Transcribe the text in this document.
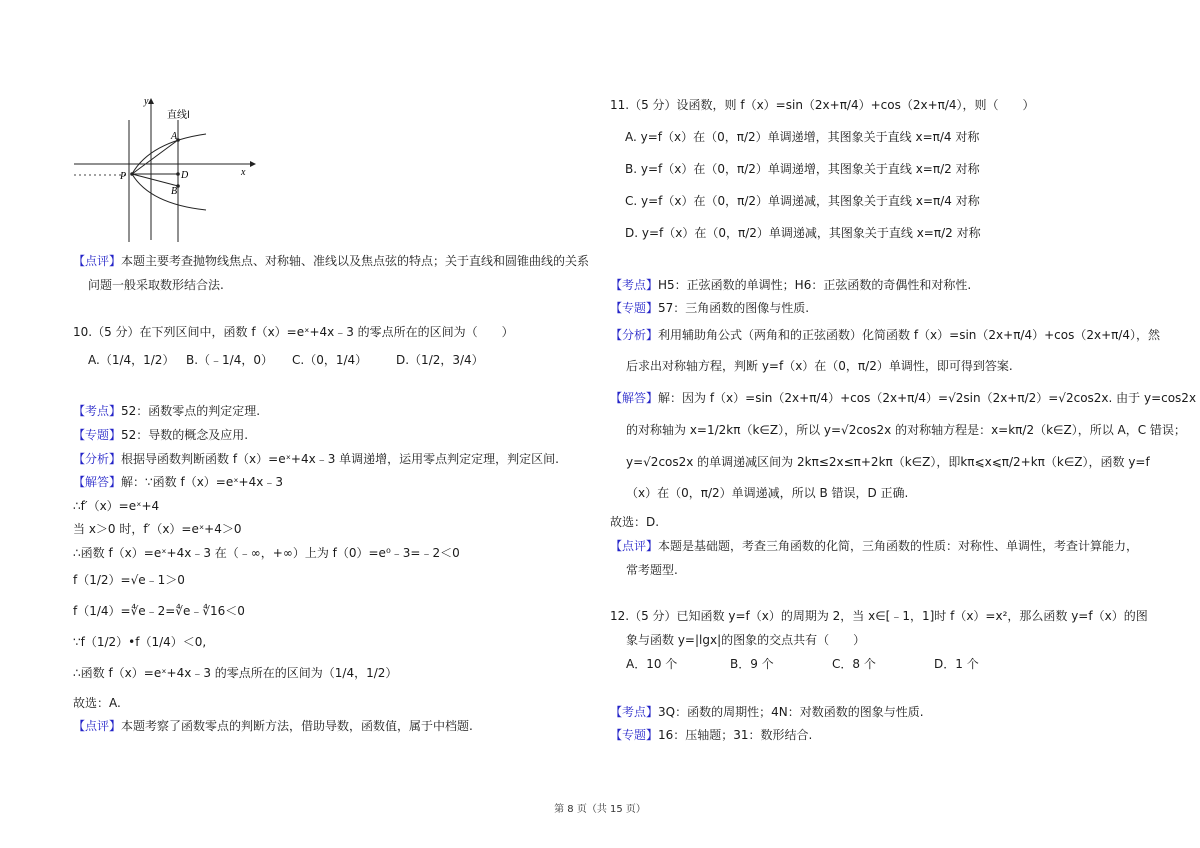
y
直线l
x
A
P	D
B
【点评】本题主要考查抛物线焦点、对称轴、准线以及焦点弦的特点；关于直线和圆锥曲线的关系
问题一般采取数形结合法.
10.（5 分）在下列区间中，函数 f（x）=eˣ+4x﹣3 的零点所在的区间为（　　）
A.（1/4，1/2） B.（﹣1/4，0） C.（0，1/4） D.（1/2，3/4）
【考点】52：函数零点的判定定理.
【专题】52：导数的概念及应用.
【分析】根据导函数判断函数 f（x）=eˣ+4x﹣3 单调递增，运用零点判定定理，判定区间.
【解答】解：∵函数 f（x）=eˣ+4x﹣3
∴f′（x）=eˣ+4
当 x＞0 时，f′（x）=eˣ+4＞0
∴函数 f（x）=eˣ+4x﹣3 在（﹣∞，+∞）上为 f（0）=e⁰﹣3=﹣2＜0
f（1/2）=√e﹣1＞0
f（1/4）=∜e﹣2=∜e﹣∜16＜0
∵f（1/2）•f（1/4）＜0,
∴函数 f（x）=eˣ+4x﹣3 的零点所在的区间为（1/4，1/2）
故选：A.
【点评】本题考察了函数零点的判断方法，借助导数，函数值，属于中档题.
11.（5 分）设函数，则 f（x）=sin（2x+π/4）+cos（2x+π/4），则（　　）
A. y=f（x）在（0，π/2）单调递增，其图象关于直线 x=π/4 对称
B. y=f（x）在（0，π/2）单调递增，其图象关于直线 x=π/2 对称
C. y=f（x）在（0，π/2）单调递减，其图象关于直线 x=π/4 对称
D. y=f（x）在（0，π/2）单调递减，其图象关于直线 x=π/2 对称
【考点】H5：正弦函数的单调性；H6：正弦函数的奇偶性和对称性.
【专题】57：三角函数的图像与性质.
【分析】利用辅助角公式（两角和的正弦函数）化简函数 f（x）=sin（2x+π/4）+cos（2x+π/4），然
后求出对称轴方程，判断 y=f（x）在（0，π/2）单调性，即可得到答案.
【解答】解：因为 f（x）=sin（2x+π/4）+cos（2x+π/4）=√2sin（2x+π/2）=√2cos2x. 由于 y=cos2x
的对称轴为 x=1/2kπ（k∈Z），所以 y=√2cos2x 的对称轴方程是：x=kπ/2（k∈Z），所以 A，C 错误；
y=√2cos2x 的单调递减区间为 2kπ≤2x≤π+2kπ（k∈Z），即kπ⩽x⩽π/2+kπ（k∈Z），函数 y=f
（x）在（0，π/2）单调递减，所以 B 错误，D 正确.
故选：D.
【点评】本题是基础题，考查三角函数的化简，三角函数的性质：对称性、单调性，考查计算能力，
常考题型.
12.（5 分）已知函数 y=f（x）的周期为 2，当 x∈[﹣1，1]时 f（x）=x²，那么函数 y=f（x）的图
象与函数 y=|lgx|的图象的交点共有（　　）
A．10 个	B．9 个	C．8 个	D．1 个
【考点】3Q：函数的周期性；4N：对数函数的图象与性质.
【专题】16：压轴题；31：数形结合.
第 8 页（共 15 页）
